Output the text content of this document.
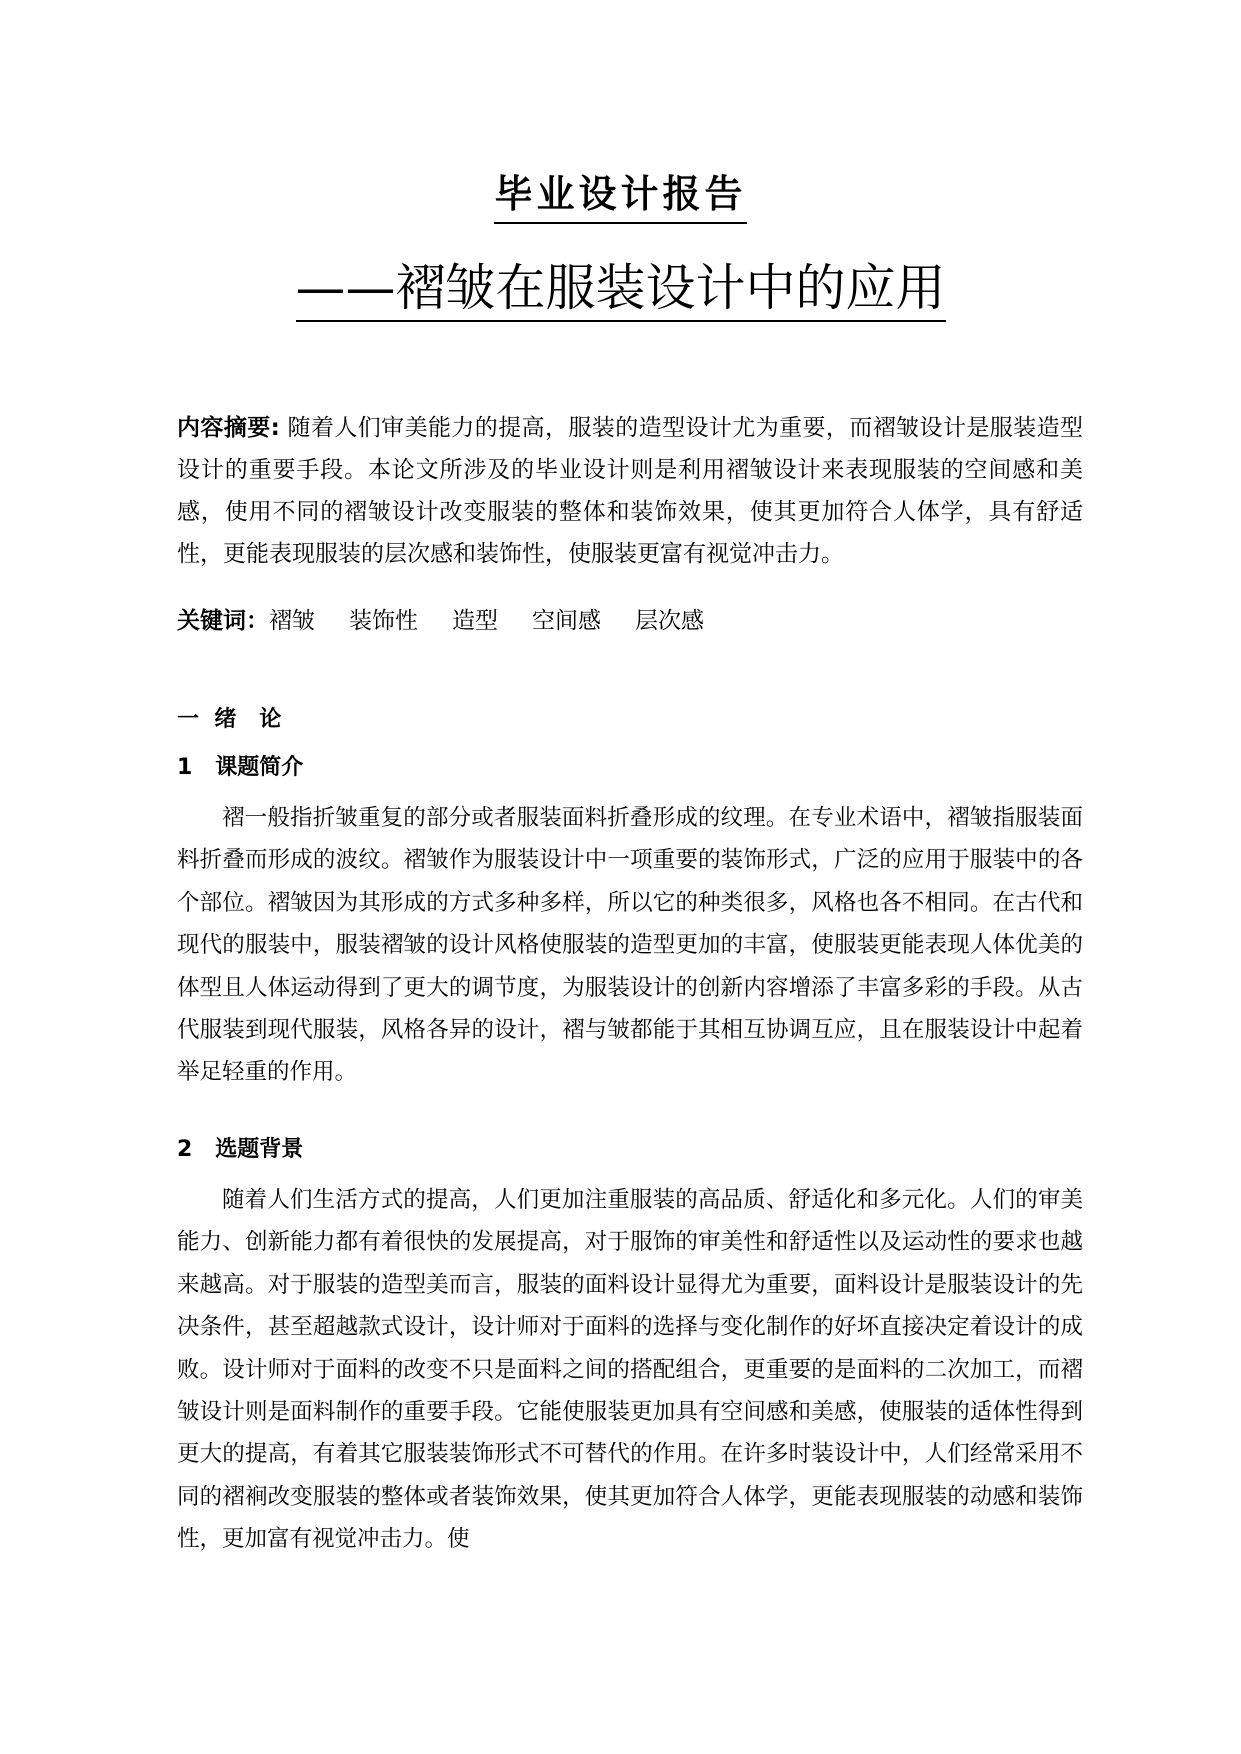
毕业设计报告
——褶皱在服装设计中的应用
内容摘要: 随着人们审美能力的提高，服装的造型设计尤为重要，而褶皱设计是服装造型设计的重要手段。本论文所涉及的毕业设计则是利用褶皱设计来表现服装的空间感和美感，使用不同的褶皱设计改变服装的整体和装饰效果，使其更加符合人体学，具有舒适性，更能表现服装的层次感和装饰性，使服装更富有视觉冲击力。
关键词：褶皱 装饰性 造型 空间感 层次感
一  绪   论
1   课题简介
褶一般指折皱重复的部分或者服装面料折叠形成的纹理。在专业术语中，褶皱指服装面料折叠而形成的波纹。褶皱作为服装设计中一项重要的装饰形式，广泛的应用于服装中的各个部位。褶皱因为其形成的方式多种多样，所以它的种类很多，风格也各不相同。在古代和现代的服装中，服装褶皱的设计风格使服装的造型更加的丰富，使服装更能表现人体优美的体型且人体运动得到了更大的调节度，为服装设计的创新内容增添了丰富多彩的手段。从古代服装到现代服装，风格各异的设计，褶与皱都能于其相互协调互应，且在服装设计中起着举足轻重的作用。
2   选题背景
随着人们生活方式的提高，人们更加注重服装的高品质、舒适化和多元化。人们的审美能力、创新能力都有着很快的发展提高，对于服饰的审美性和舒适性以及运动性的要求也越来越高。对于服装的造型美而言，服装的面料设计显得尤为重要，面料设计是服装设计的先决条件，甚至超越款式设计，设计师对于面料的选择与变化制作的好坏直接决定着设计的成败。设计师对于面料的改变不只是面料之间的搭配组合，更重要的是面料的二次加工，而褶皱设计则是面料制作的重要手段。它能使服装更加具有空间感和美感，使服装的适体性得到更大的提高，有着其它服装装饰形式不可替代的作用。在许多时装设计中，人们经常采用不同的褶裥改变服装的整体或者装饰效果，使其更加符合人体学，更能表现服装的动感和装饰性，更加富有视觉冲击力。使
